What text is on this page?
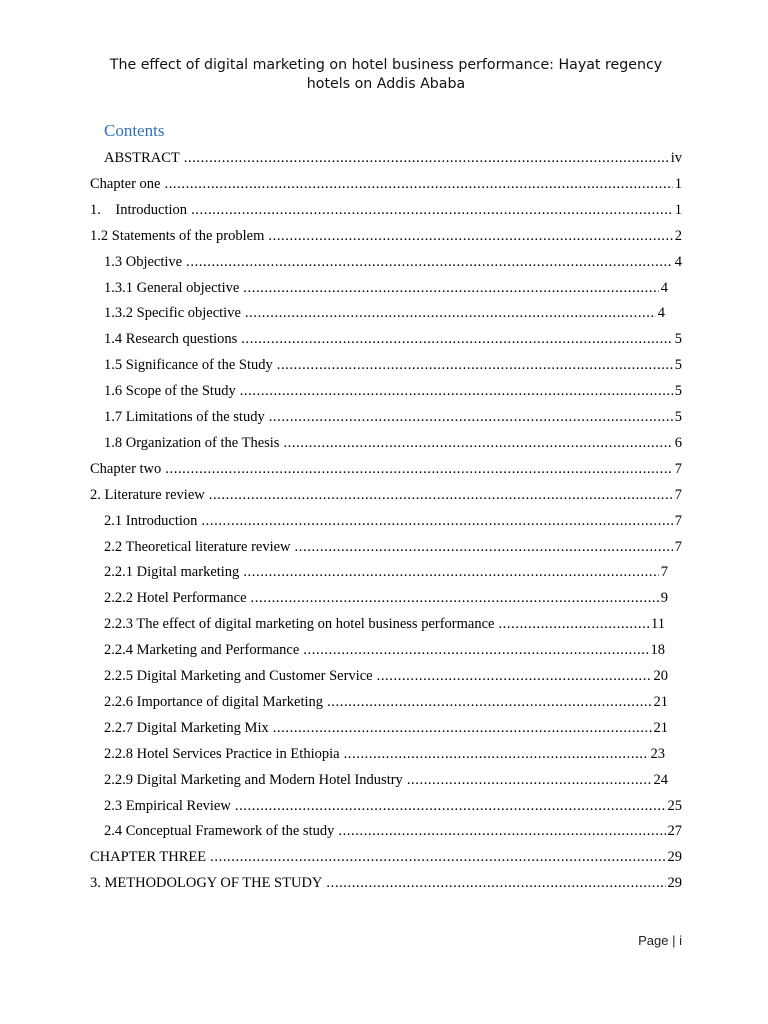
The effect of digital marketing on hotel business performance: Hayat regency hotels on Addis Ababa
Contents
ABSTRACT .....	iv
Chapter one .....	1
1.    Introduction .....	1
1.2 Statements of the problem .....	2
1.3 Objective .....	4
1.3.1 General objective .....	4
1.3.2 Specific objective .....	4
1.4 Research questions .....	5
1.5 Significance of the Study .....	5
1.6 Scope of the Study .....	5
1.7 Limitations of the study .....	5
1.8 Organization of the Thesis .....	6
Chapter two .....	7
2. Literature review .....	7
2.1 Introduction .....	7
2.2 Theoretical literature review .....	7
2.2.1 Digital marketing .....	7
2.2.2 Hotel Performance .....	9
2.2.3 The effect of digital marketing on hotel business performance .....	11
2.2.4 Marketing and Performance .....	18
2.2.5 Digital Marketing and Customer Service .....	20
2.2.6 Importance of digital Marketing .....	21
2.2.7 Digital Marketing Mix .....	21
2.2.8 Hotel Services Practice in Ethiopia .....	23
2.2.9 Digital Marketing and Modern Hotel Industry .....	24
2.3 Empirical Review .....	25
2.4 Conceptual Framework of the study .....	27
CHAPTER THREE .....	29
3. METHODOLOGY OF THE STUDY .....	29
Page | i
